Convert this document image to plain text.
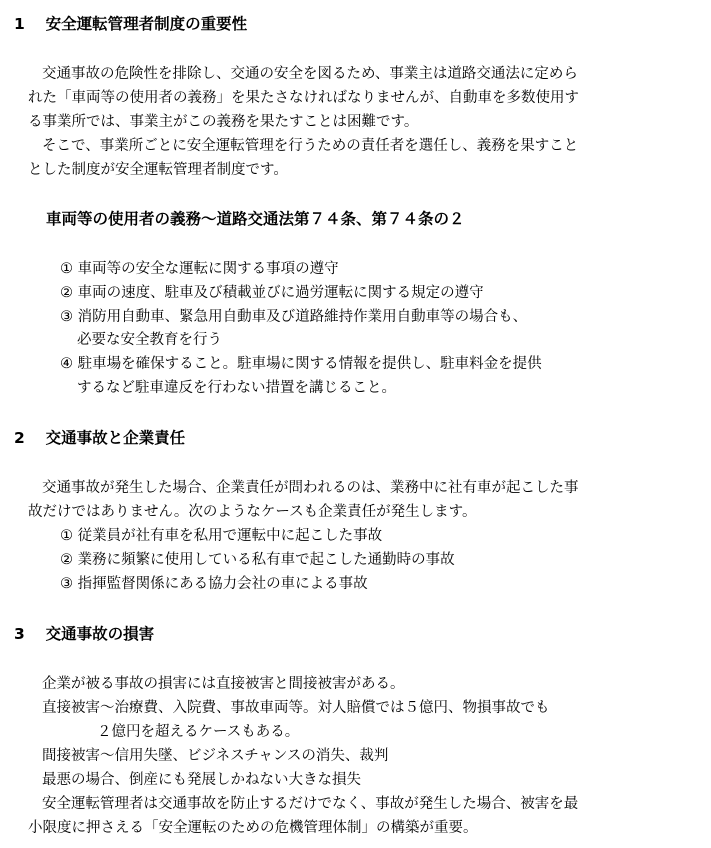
1　 安全運転管理者制度の重要性
交通事故の危険性を排除し、交通の安全を図るため、事業主は道路交通法に定めら
れた「車両等の使用者の義務」を果たさなければなりませんが、自動車を多数使用す
る事業所では、事業主がこの義務を果たすことは困難です。
そこで、事業所ごとに安全運転管理を行うための責任者を選任し、義務を果すこと
とした制度が安全運転管理者制度です。
車両等の使用者の義務～道路交通法第７４条、第７４条の２
① 車両等の安全な運転に関する事項の遵守
② 車両の速度、駐車及び積載並びに過労運転に関する規定の遵守
③ 消防用自動車、緊急用自動車及び道路維持作業用自動車等の場合も、
必要な安全教育を行う
④ 駐車場を確保すること。駐車場に関する情報を提供し、駐車料金を提供
するなど駐車違反を行わない措置を講じること。
2　 交通事故と企業責任
交通事故が発生した場合、企業責任が問われるのは、業務中に社有車が起こした事
故だけではありません。次のようなケースも企業責任が発生します。
① 従業員が社有車を私用で運転中に起こした事故
② 業務に頻繁に使用している私有車で起こした通勤時の事故
③ 指揮監督関係にある協力会社の車による事故
3　 交通事故の損害
企業が被る事故の損害には直接被害と間接被害がある。
直接被害～治療費、入院費、事故車両等。対人賠償では５億円、物損事故でも
２億円を超えるケースもある。
間接被害～信用失墜、ビジネスチャンスの消失、裁判
最悪の場合、倒産にも発展しかねない大きな損失
安全運転管理者は交通事故を防止するだけでなく、事故が発生した場合、被害を最
小限度に押さえる「安全運転のための危機管理体制」の構築が重要。
